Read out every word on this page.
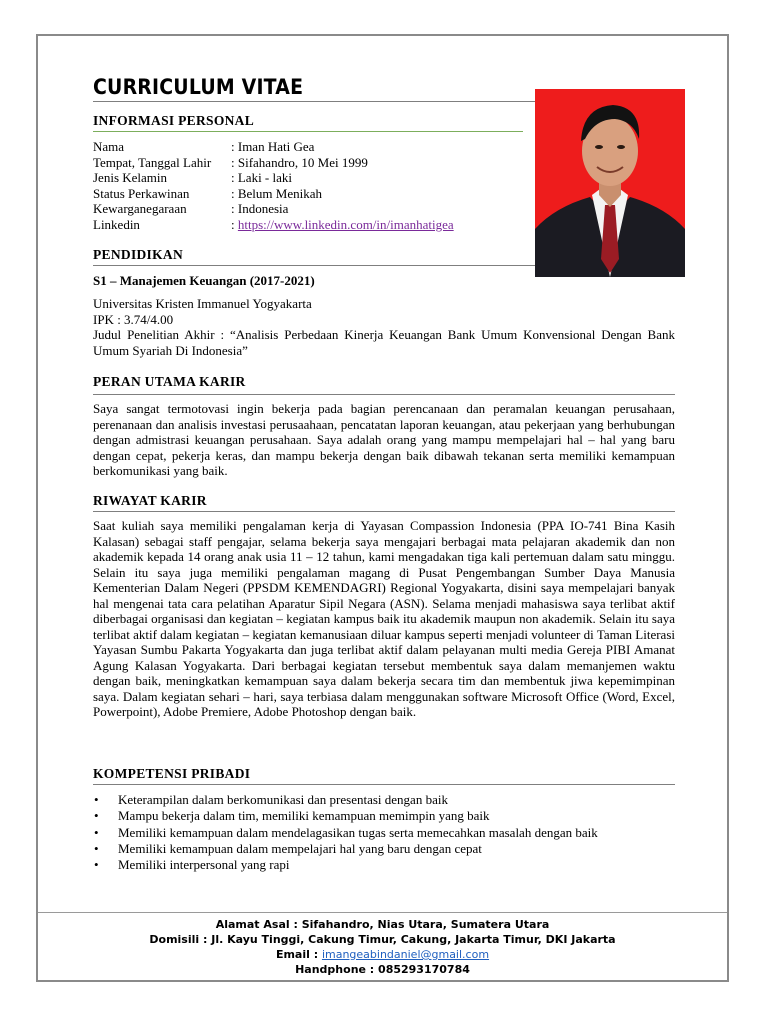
CURRICULUM VITAE
INFORMASI PERSONAL
Nama	: Iman Hati Gea
Tempat, Tanggal Lahir : Sifahandro, 10 Mei 1999
Jenis Kelamin	: Laki - laki
Status Perkawinan	: Belum Menikah
Kewarganegaraan	: Indonesia
Linkedin	: https://www.linkedin.com/in/imanhatigea
PENDIDIKAN
S1 – Manajemen Keuangan (2017-2021)
Universitas Kristen Immanuel Yogyakarta
IPK : 3.74/4.00
Judul Penelitian Akhir : “Analisis Perbedaan Kinerja Keuangan Bank Umum Konvensional Dengan Bank Umum Syariah Di Indonesia”
PERAN UTAMA KARIR
Saya sangat termotovasi ingin bekerja pada bagian perencanaan dan peramalan keuangan perusahaan, perenanaan dan analisis investasi perusaahaan, pencatatan laporan keuangan, atau pekerjaan yang berhubungan dengan admistrasi keuangan perusahaan. Saya adalah orang yang mampu mempelajari hal – hal yang baru dengan cepat, pekerja keras, dan mampu bekerja dengan baik dibawah tekanan serta memiliki kemampuan berkomunikasi yang baik.
RIWAYAT KARIR
Saat kuliah saya memiliki pengalaman kerja di Yayasan Compassion Indonesia (PPA IO-741 Bina Kasih Kalasan) sebagai staff pengajar, selama bekerja saya mengajari berbagai mata pelajaran akademik dan non akademik kepada 14 orang anak usia 11 – 12 tahun, kami mengadakan tiga kali pertemuan dalam satu minggu. Selain itu saya juga memiliki pengalaman magang di Pusat Pengembangan Sumber Daya Manusia Kementerian Dalam Negeri (PPSDM KEMENDAGRI) Regional Yogyakarta, disini saya mempelajari banyak hal mengenai tata cara pelatihan Aparatur Sipil Negara (ASN). Selama menjadi mahasiswa saya terlibat aktif diberbagai organisasi dan kegiatan – kegiatan kampus baik itu akademik maupun non akademik. Selain itu saya terlibat aktif dalam kegiatan – kegiatan kemanusiaan diluar kampus seperti menjadi volunteer di Taman Literasi Yayasan Sumbu Pakarta Yogyakarta dan juga terlibat aktif dalam pelayanan multi media Gereja PIBI Amanat Agung Kalasan Yogyakarta. Dari berbagai kegiatan tersebut membentuk saya dalam memanjemen waktu dengan baik, meningkatkan kemampuan saya dalam bekerja secara tim dan membentuk jiwa kepemimpinan saya. Dalam kegiatan sehari – hari, saya terbiasa dalam menggunakan software Microsoft Office (Word, Excel, Powerpoint), Adobe Premiere, Adobe Photoshop dengan baik.
KOMPETENSI PRIBADI
• Keterampilan dalam berkomunikasi dan presentasi dengan baik
• Mampu bekerja dalam tim, memiliki kemampuan memimpin yang baik
• Memiliki kemampuan dalam mendelagasikan tugas serta memecahkan masalah dengan baik
• Memiliki kemampuan dalam mempelajari hal yang baru dengan cepat
• Memiliki interpersonal yang rapi
Alamat Asal : Sifahandro, Nias Utara, Sumatera Utara
Domisili : Jl. Kayu Tinggi, Cakung Timur, Cakung, Jakarta Timur, DKI Jakarta
Email : imangeabindaniel@gmail.com
Handphone : 085293170784
